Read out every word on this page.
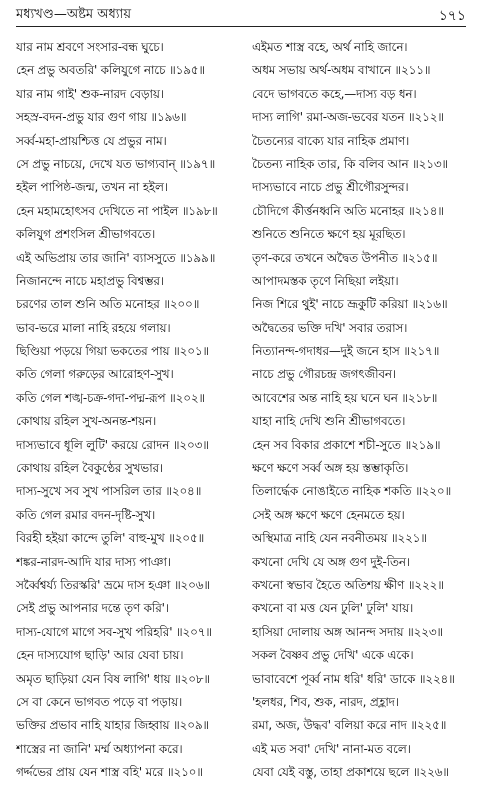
মধ্যখণ্ড—অষ্টম অধ্যায়	১৭১
যার নাম শ্রবণে সংসার-বন্ধ ঘুচে।
হেন প্রভু অবতরি' কলিযুগে নাচে ॥১৯৫॥
যার নাম গাই' শুক-নারদ বেড়ায়।
সহস্র-বদন-প্রভু যার গুণ গায় ॥১৯৬॥
সর্ব্ব-মহা-প্রায়শ্চিত্ত যে প্রভুর নাম।
সে প্রভু নাচয়ে, দেখে যত ভাগ্যবান্ ॥১৯৭॥
হইল পাপিষ্ঠ-জন্ম, তখন না হইল।
হেন মহামহোৎসব দেখিতে না পাইল ॥১৯৮॥
কলিযুগ প্রশংসিল শ্রীভাগবতে।
এই অভিপ্রায় তার জানি' ব্যাসসুতে ॥১৯৯॥
নিজানন্দে নাচে মহাপ্রভু বিশ্বম্ভর।
চরণের তাল শুনি অতি মনোহর ॥২০০॥
ভাব-ভরে মালা নাহি রহয়ে গলায়।
ছিণ্ডিয়া পড়য়ে গিয়া ভকতের পায় ॥২০১॥
কতি গেলা গরুড়ের আরোহণ-সুখ।
কতি গেল শঙ্খ-চক্র-গদা-পদ্ম-রূপ ॥২০২॥
কোথায় রহিল সুখ-অনন্ত-শয়ন।
দাস্যভাবে ধূলি লুটি' করয়ে রোদন ॥২০৩॥
কোথায় রহিল বৈকুণ্ঠের সুখভার।
দাস্য-সুখে সব সুখ পাসরিল তার ॥২০৪॥
কতি গেল রমার বদন-দৃষ্টি-সুখ।
বিরহী হইয়া কান্দে তুলি' বাহু-মুখ ॥২০৫॥
শঙ্কর-নারদ-আদি যার দাস্য পাঞা।
সর্ব্বৈশ্বর্য্য তিরস্করি' ভ্রমে দাস হঞা ॥২০৬॥
সেই প্রভু আপনার দন্তে তৃণ করি'।
দাস্য-যোগে মাগে সব-সুখ পরিহরি' ॥২০৭॥
হেন দাস্যযোগ ছাড়ি' আর যেবা চায়।
অমৃত ছাড়িয়া যেন বিষ লাগি' ধায় ॥২০৮॥
সে বা কেনে ভাগবত পড়ে বা পড়ায়।
ভক্তির প্রভাব নাহি যাহার জিহ্বায় ॥২০৯॥
শাস্ত্রের না জানি' মর্ম্ম অধ্যাপনা করে।
গর্দ্দভের প্রায় যেন শাস্ত্র বহি' মরে ॥২১০॥
এইমত শাস্ত্র বহে, অর্থ নাহি জানে।
অধম সভায় অর্থ-অধম বাখানে ॥২১১॥
বেদে ভাগবতে কহে,—দাস্য বড় ধন।
দাস্য লাগি' রমা-অজ-ভবের যতন ॥২১২॥
চৈতন্যের বাক্যে যার নাহিক প্রমাণ।
চৈতন্য নাহিক তার, কি বলিব আন ॥২১৩॥
দাস্যভাবে নাচে প্রভু শ্রীগৌরসুন্দর।
চৌদিগে কীর্ত্তনধ্বনি অতি মনোহর ॥২১৪॥
শুনিতে শুনিতে ক্ষণে হয় মূরছিত।
তৃণ-করে তখনে অদ্বৈত উপনীত ॥২১৫॥
আপাদমস্তক তৃণে নিছিয়া লইয়া।
নিজ শিরে থুই' নাচে ভ্রূকুটি করিয়া ॥২১৬॥
অদ্বৈতের ভক্তি দখি' সবার তরাস।
নিত্যানন্দ-গদাধর—দুই জনে হাস ॥২১৭॥
নাচে প্রভু গৌরচন্দ্র জগৎজীবন।
আবেশের অন্ত নাহি হয় ঘনে ঘন ॥২১৮॥
যাহা নাহি দেখি শুনি শ্রীভাগবতে।
হেন সব বিকার প্রকাশে শচী-সুতে ॥২১৯॥
ক্ষণে ক্ষণে সর্ব্ব অঙ্গ হয় স্তম্ভাকৃতি।
তিলার্দ্ধেক নোঙাইতে নাহিক শকতি ॥২২০॥
সেই অঙ্গ ক্ষণে ক্ষণে হেনমতে হয়।
অস্থিমাত্র নাহি যেন নবনীতময় ॥২২১॥
কখনো দেখি যে অঙ্গ গুণ দুই-তিন।
কখনো স্বভাব হৈতে অতিশয় ক্ষীণ ॥২২২॥
কখনো বা মত্ত যেন ঢুলি' ঢুলি' যায়।
হাসিয়া দোলায় অঙ্গ আনন্দ সদায় ॥২২৩॥
সকল বৈষ্ণব প্রভু দেখি' একে একে।
ভাবাবেশে পূর্ব্ব নাম ধরি' ধরি' ডাকে ॥২২৪॥
'হলধর, শিব, শুক, নারদ, প্রহ্লাদ।
রমা, অজ, উদ্ধব' বলিয়া করে নাদ ॥২২৫॥
এই মত সবা' দেখি' নানা-মত বলে।
যেবা যেই বস্তু, তাহা প্রকাশয়ে ছলে ॥২২৬॥
